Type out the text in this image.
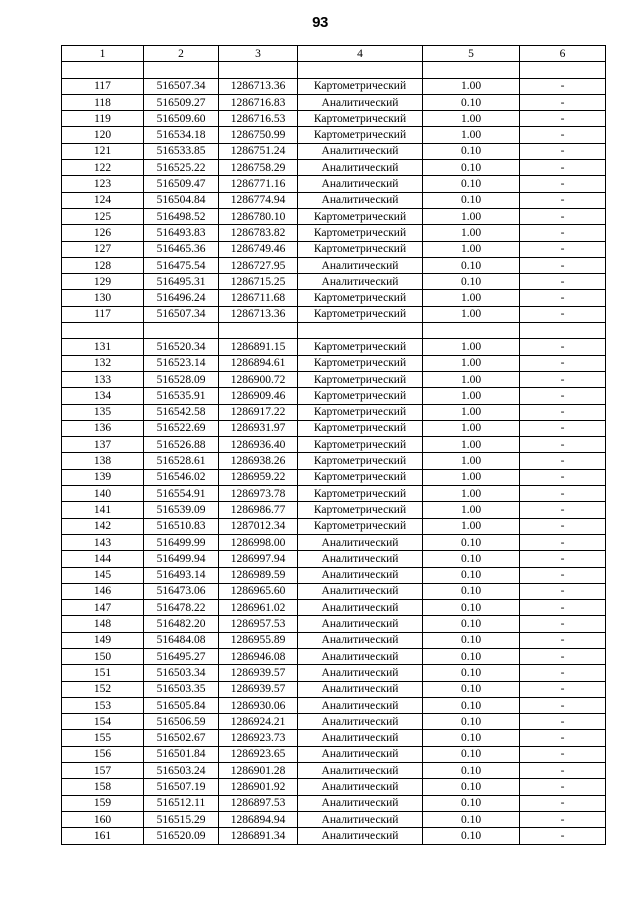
93
1	2	3	4	5	6

117	516507.34	1286713.36	Картометрический	1.00	-
118	516509.27	1286716.83	Аналитический	0.10	-
119	516509.60	1286716.53	Картометрический	1.00	-
120	516534.18	1286750.99	Картометрический	1.00	-
121	516533.85	1286751.24	Аналитический	0.10	-
122	516525.22	1286758.29	Аналитический	0.10	-
123	516509.47	1286771.16	Аналитический	0.10	-
124	516504.84	1286774.94	Аналитический	0.10	-
125	516498.52	1286780.10	Картометрический	1.00	-
126	516493.83	1286783.82	Картометрический	1.00	-
127	516465.36	1286749.46	Картометрический	1.00	-
128	516475.54	1286727.95	Аналитический	0.10	-
129	516495.31	1286715.25	Аналитический	0.10	-
130	516496.24	1286711.68	Картометрический	1.00	-
117	516507.34	1286713.36	Картометрический	1.00	-

131	516520.34	1286891.15	Картометрический	1.00	-
132	516523.14	1286894.61	Картометрический	1.00	-
133	516528.09	1286900.72	Картометрический	1.00	-
134	516535.91	1286909.46	Картометрический	1.00	-
135	516542.58	1286917.22	Картометрический	1.00	-
136	516522.69	1286931.97	Картометрический	1.00	-
137	516526.88	1286936.40	Картометрический	1.00	-
138	516528.61	1286938.26	Картометрический	1.00	-
139	516546.02	1286959.22	Картометрический	1.00	-
140	516554.91	1286973.78	Картометрический	1.00	-
141	516539.09	1286986.77	Картометрический	1.00	-
142	516510.83	1287012.34	Картометрический	1.00	-
143	516499.99	1286998.00	Аналитический	0.10	-
144	516499.94	1286997.94	Аналитический	0.10	-
145	516493.14	1286989.59	Аналитический	0.10	-
146	516473.06	1286965.60	Аналитический	0.10	-
147	516478.22	1286961.02	Аналитический	0.10	-
148	516482.20	1286957.53	Аналитический	0.10	-
149	516484.08	1286955.89	Аналитический	0.10	-
150	516495.27	1286946.08	Аналитический	0.10	-
151	516503.34	1286939.57	Аналитический	0.10	-
152	516503.35	1286939.57	Аналитический	0.10	-
153	516505.84	1286930.06	Аналитический	0.10	-
154	516506.59	1286924.21	Аналитический	0.10	-
155	516502.67	1286923.73	Аналитический	0.10	-
156	516501.84	1286923.65	Аналитический	0.10	-
157	516503.24	1286901.28	Аналитический	0.10	-
158	516507.19	1286901.92	Аналитический	0.10	-
159	516512.11	1286897.53	Аналитический	0.10	-
160	516515.29	1286894.94	Аналитический	0.10	-
161	516520.09	1286891.34	Аналитический	0.10	-
